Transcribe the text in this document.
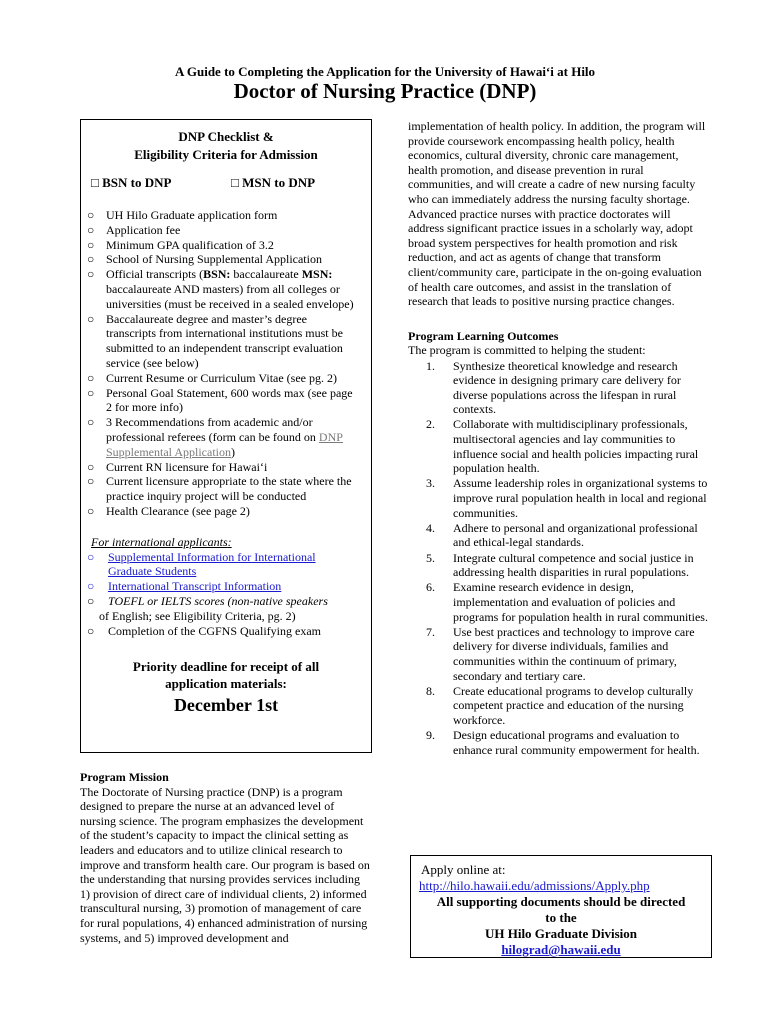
A Guide to Completing the Application for the University of Hawai‘i at Hilo
Doctor of Nursing Practice (DNP)
DNP Checklist &
Eligibility Criteria for Admission
□ BSN to DNP	□ MSN to DNP
○ UH Hilo Graduate application form
○ Application fee
○ Minimum GPA qualification of 3.2
○ School of Nursing Supplemental Application
○ Official transcripts (BSN: baccalaureate MSN: baccalaureate AND masters) from all colleges or universities (must be received in a sealed envelope)
○ Baccalaureate degree and master’s degree transcripts from international institutions must be submitted to an independent transcript evaluation service (see below)
○ Current Resume or Curriculum Vitae (see pg. 2)
○ Personal Goal Statement, 600 words max (see page 2 for more info)
○ 3 Recommendations from academic and/or professional referees (form can be found on DNP Supplemental Application)
○ Current RN licensure for Hawai‘i
○ Current licensure appropriate to the state where the practice inquiry project will be conducted
○ Health Clearance (see page 2)
For international applicants:
○ Supplemental Information for International Graduate Students
○ International Transcript Information
○ TOEFL or IELTS scores (non-native speakers
of English; see Eligibility Criteria, pg. 2)
○ Completion of the CGFNS Qualifying exam
Priority deadline for receipt of all
application materials:
December 1st
Program Mission
The Doctorate of Nursing practice (DNP) is a program designed to prepare the nurse at an advanced level of nursing science. The program emphasizes the development of the student’s capacity to impact the clinical setting as leaders and educators and to utilize clinical research to improve and transform health care. Our program is based on the understanding that nursing provides services including 1) provision of direct care of individual clients, 2) informed transcultural nursing, 3) promotion of management of care for rural populations, 4) enhanced administration of nursing systems, and 5) improved development and
implementation of health policy. In addition, the program will provide coursework encompassing health policy, health economics, cultural diversity, chronic care management, health promotion, and disease prevention in rural communities, and will create a cadre of new nursing faculty who can immediately address the nursing faculty shortage. Advanced practice nurses with practice doctorates will address significant practice issues in a scholarly way, adopt broad system perspectives for health promotion and risk reduction, and act as agents of change that transform client/community care, participate in the on-going evaluation of health care outcomes, and assist in the translation of research that leads to positive nursing practice changes.
Program Learning Outcomes
The program is committed to helping the student:
1. Synthesize theoretical knowledge and research evidence in designing primary care delivery for diverse populations across the lifespan in rural contexts.
2. Collaborate with multidisciplinary professionals, multisectoral agencies and lay communities to influence social and health policies impacting rural population health.
3. Assume leadership roles in organizational systems to improve rural population health in local and regional communities.
4. Adhere to personal and organizational professional and ethical-legal standards.
5. Integrate cultural competence and social justice in addressing health disparities in rural populations.
6. Examine research evidence in design, implementation and evaluation of policies and programs for population health in rural communities.
7. Use best practices and technology to improve care delivery for diverse individuals, families and communities within the continuum of primary, secondary and tertiary care.
8. Create educational programs to develop culturally competent practice and education of the nursing workforce.
9. Design educational programs and evaluation to enhance rural community empowerment for health.
Apply online at:
http://hilo.hawaii.edu/admissions/Apply.php
All supporting documents should be directed
to the
UH Hilo Graduate Division
hilograd@hawaii.edu
